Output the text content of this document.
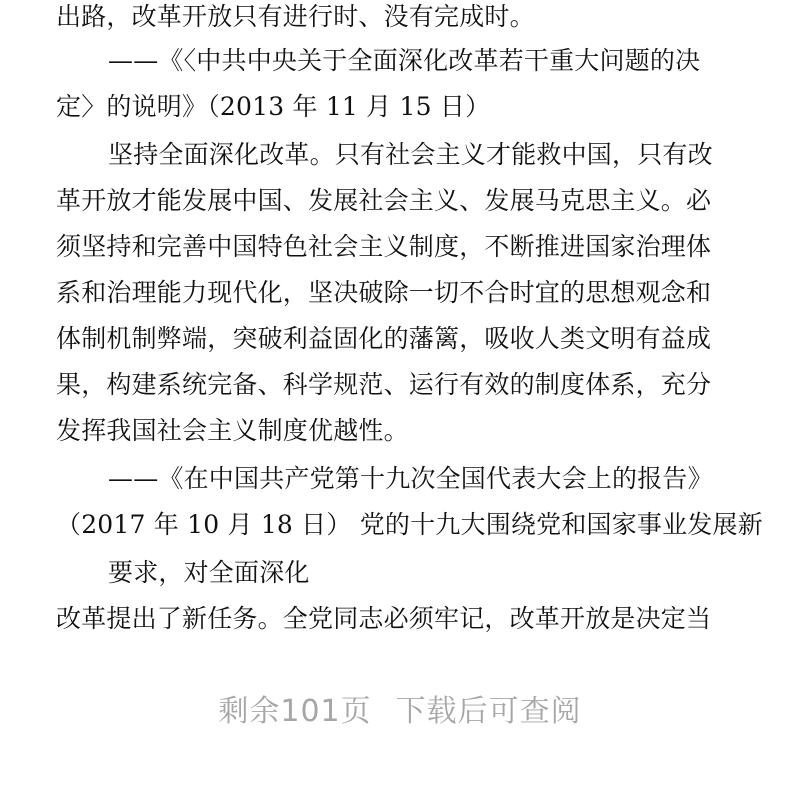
出路，改革开放只有进行时、没有完成时。
——《〈中共中央关于全面深化改革若干重大问题的决
定〉的说明》（2013 年 11 月 15 日）
坚持全面深化改革。只有社会主义才能救中国，只有改
革开放才能发展中国、发展社会主义、发展马克思主义。必
须坚持和完善中国特色社会主义制度，不断推进国家治理体
系和治理能力现代化，坚决破除一切不合时宜的思想观念和
体制机制弊端，突破利益固化的藩篱，吸收人类文明有益成
果，构建系统完备、科学规范、运行有效的制度体系，充分
发挥我国社会主义制度优越性。
——《在中国共产党第十九次全国代表大会上的报告》
（2017 年 10 月 18 日） 党的十九大围绕党和国家事业发展新
要求，对全面深化
改革提出了新任务。全党同志必须牢记，改革开放是决定当
剩余101页 下载后可查阅
